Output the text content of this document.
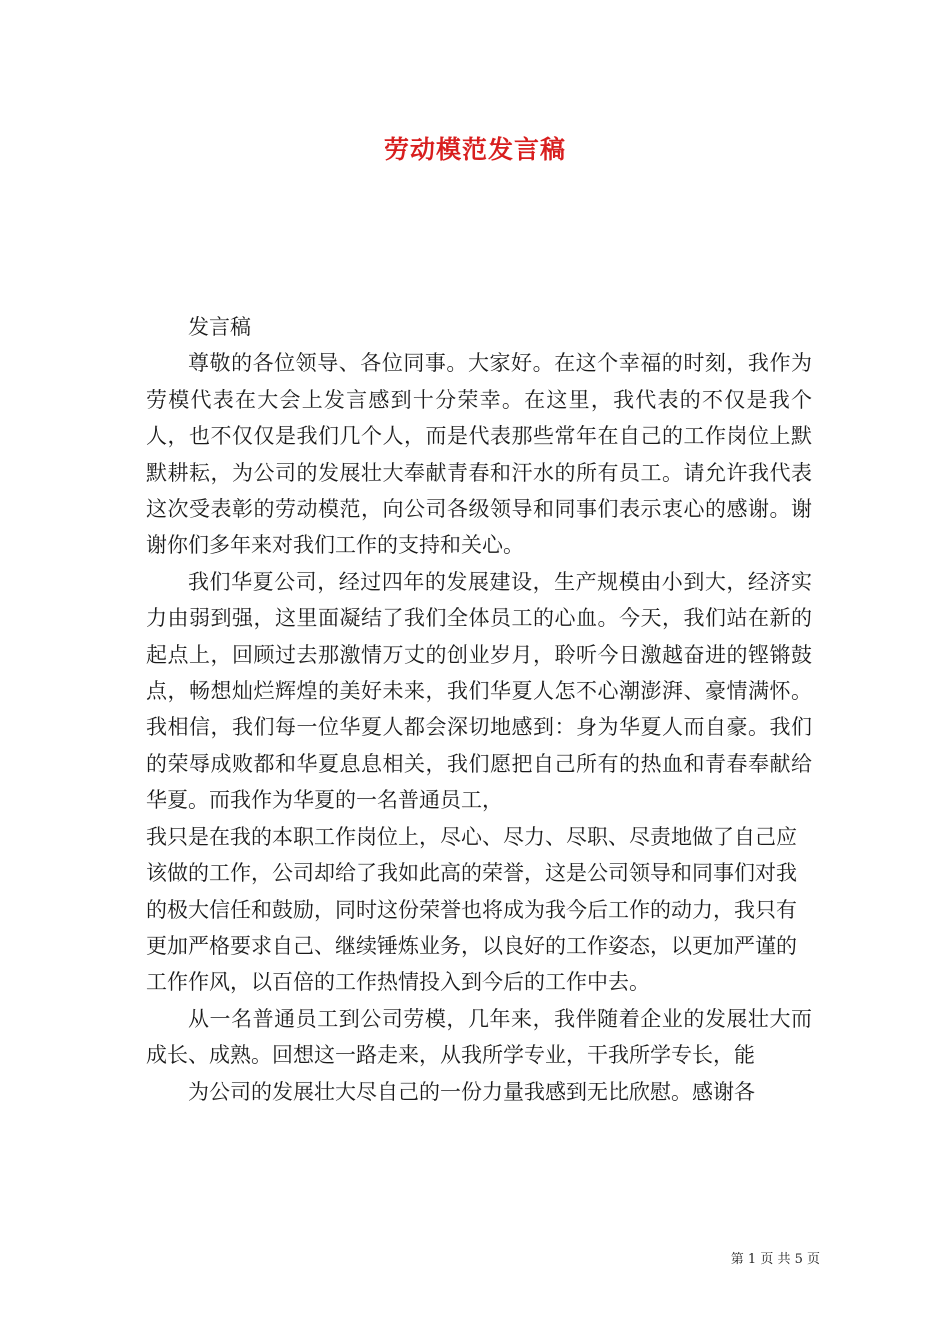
劳动模范发言稿

发言稿

尊敬的各位领导、各位同事。大家好。在这个幸福的时刻，我作为劳模代表在大会上发言感到十分荣幸。在这里，我代表的不仅是我个人，也不仅仅是我们几个人，而是代表那些常年在自己的工作岗位上默默耕耘，为公司的发展壮大奉献青春和汗水的所有员工。请允许我代表这次受表彰的劳动模范，向公司各级领导和同事们表示衷心的感谢。谢谢你们多年来对我们工作的支持和关心。

我们华夏公司，经过四年的发展建设，生产规模由小到大，经济实力由弱到强，这里面凝结了我们全体员工的心血。今天，我们站在新的起点上，回顾过去那激情万丈的创业岁月，聆听今日激越奋进的铿锵鼓点，畅想灿烂辉煌的美好未来，我们华夏人怎不心潮澎湃、豪情满怀。我相信，我们每一位华夏人都会深切地感到：身为华夏人而自豪。我们的荣辱成败都和华夏息息相关，我们愿把自己所有的热血和青春奉献给华夏。而我作为华夏的一名普通员工，

我只是在我的本职工作岗位上，尽心、尽力、尽职、尽责地做了自己应该做的工作，公司却给了我如此高的荣誉，这是公司领导和同事们对我的极大信任和鼓励，同时这份荣誉也将成为我今后工作的动力，我只有更加严格要求自己、继续锤炼业务，以良好的工作姿态，以更加严谨的工作作风，以百倍的工作热情投入到今后的工作中去。

从一名普通员工到公司劳模，几年来，我伴随着企业的发展壮大而成长、成熟。回想这一路走来，从我所学专业，干我所学专长，能

为公司的发展壮大尽自己的一份力量我感到无比欣慰。感谢各

第 1 页 共 5 页
